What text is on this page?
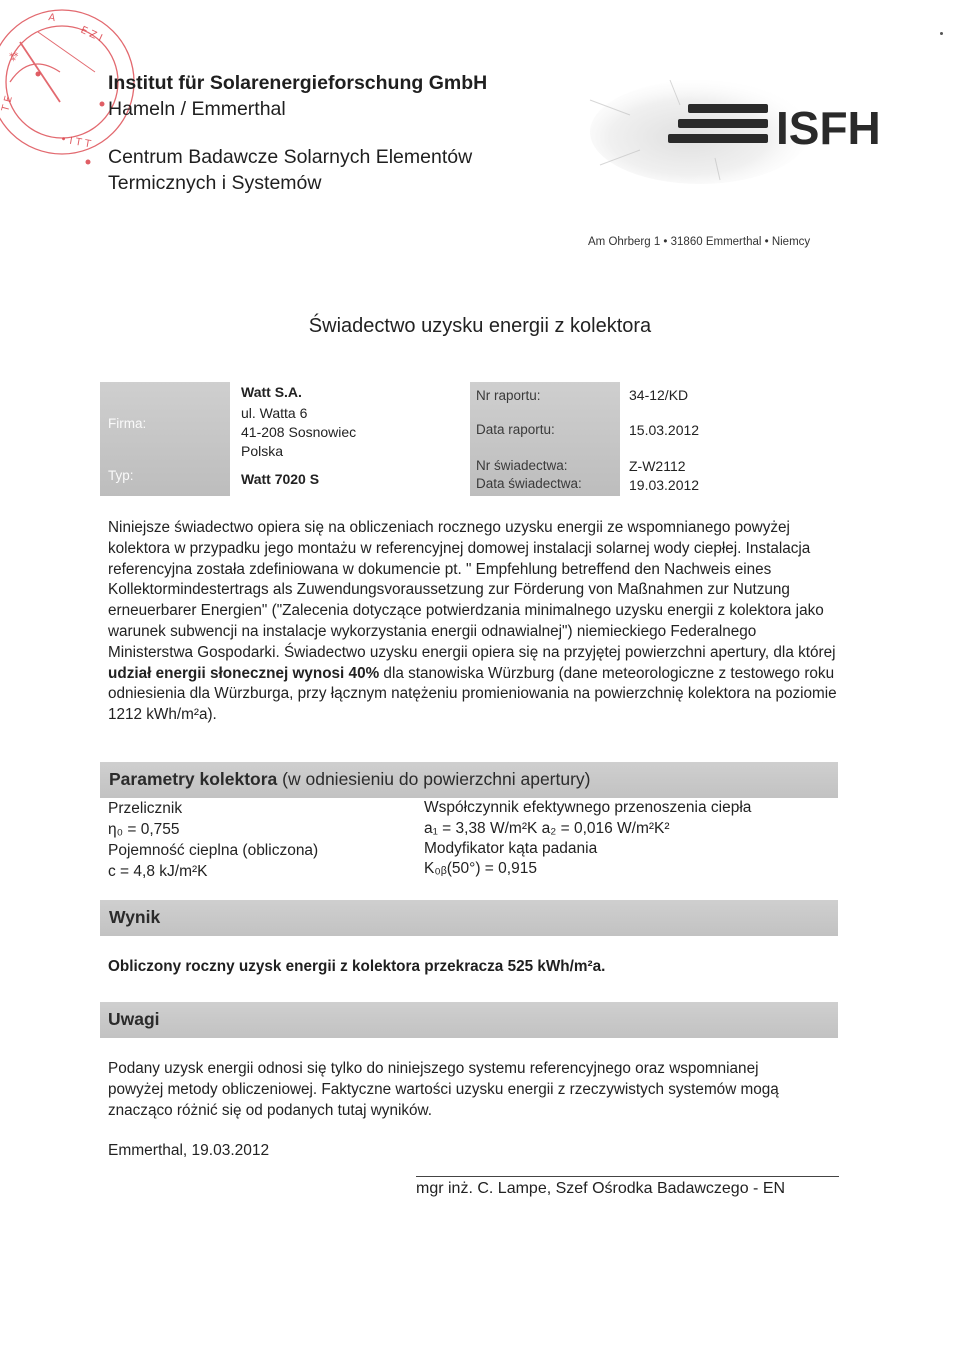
A
E Z I
⁂
T E
• I T T
Institut für Solarenergieforschung GmbH
Hameln / Emmerthal
Centrum Badawcze Solarnych Elementów
Termicznych i Systemów
ISFH
Am Ohrberg 1 • 31860 Emmerthal • Niemcy
Świadectwo uzysku energii z kolektora
Firma:
Typ:
Watt S.A.
ul. Watta 6
41-208 Sosnowiec
Polska
Watt 7020 S
Nr raportu:
Data raportu:
Nr świadectwa:
Data świadectwa:
34-12/KD
15.03.2012
Z-W2112
19.03.2012
Niniejsze świadectwo opiera się na obliczeniach rocznego uzysku energii ze wspomnianego powyżej kolektora w przypadku jego montażu w referencyjnej domowej instalacji solarnej wody ciepłej. Instalacja referencyjna została zdefiniowana w dokumencie pt. " Empfehlung betreffend den Nachweis eines Kollektormindestertrags als Zuwendungsvoraussetzung zur Förderung von Maßnahmen zur Nutzung erneuerbarer Energien" ("Zalecenia dotyczące potwierdzania minimalnego uzysku energii z kolektora jako warunek subwencji na instalacje wykorzystania energii odnawialnej") niemieckiego Federalnego Ministerstwa Gospodarki. Świadectwo uzysku energii opiera się na przyjętej powierzchni apertury, dla której udział energii słonecznej wynosi 40% dla stanowiska Würzburg (dane meteorologiczne z testowego roku odniesienia dla Würzburga, przy łącznym natężeniu promieniowania na powierzchnię kolektora na poziomie 1212 kWh/m²a).
Parametry kolektora (w odniesieniu do powierzchni apertury)
Przelicznik
η₀ = 0,755
Pojemność cieplna (obliczona)
c = 4,8 kJ/m²K
Współczynnik efektywnego przenoszenia ciepła
a₁ = 3,38 W/m²K a₂ = 0,016 W/m²K²
Modyfikator kąta padania
K₀ᵦ(50°) = 0,915
Wynik
Obliczony roczny uzysk energii z kolektora przekracza 525 kWh/m²a.
Uwagi
Podany uzysk energii odnosi się tylko do niniejszego systemu referencyjnego oraz wspomnianej powyżej metody obliczeniowej. Faktyczne wartości uzysku energii z rzeczywistych systemów mogą znacząco różnić się od podanych tutaj wyników.
Emmerthal, 19.03.2012
mgr inż. C. Lampe, Szef Ośrodka Badawczego - EN
